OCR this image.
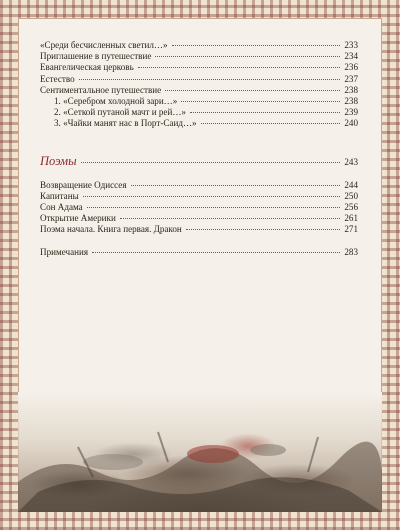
«Среди бесчисленных светил…»	233
Приглашение в путешествие	234
Евангелическая церковь	236
Естество	237
Сентиментальное путешествие	238
1. «Серебром холодной зари…»	238
2. «Сеткой путаной мачт и рей…»	239
3. «Чайки манят нас в Порт-Саид…»	240
Поэмы	243
Возвращение Одиссея	244
Капитаны	250
Сон Адама	256
Открытие Америки	261
Поэма начала. Книга первая. Дракон	271
Примечания	283
